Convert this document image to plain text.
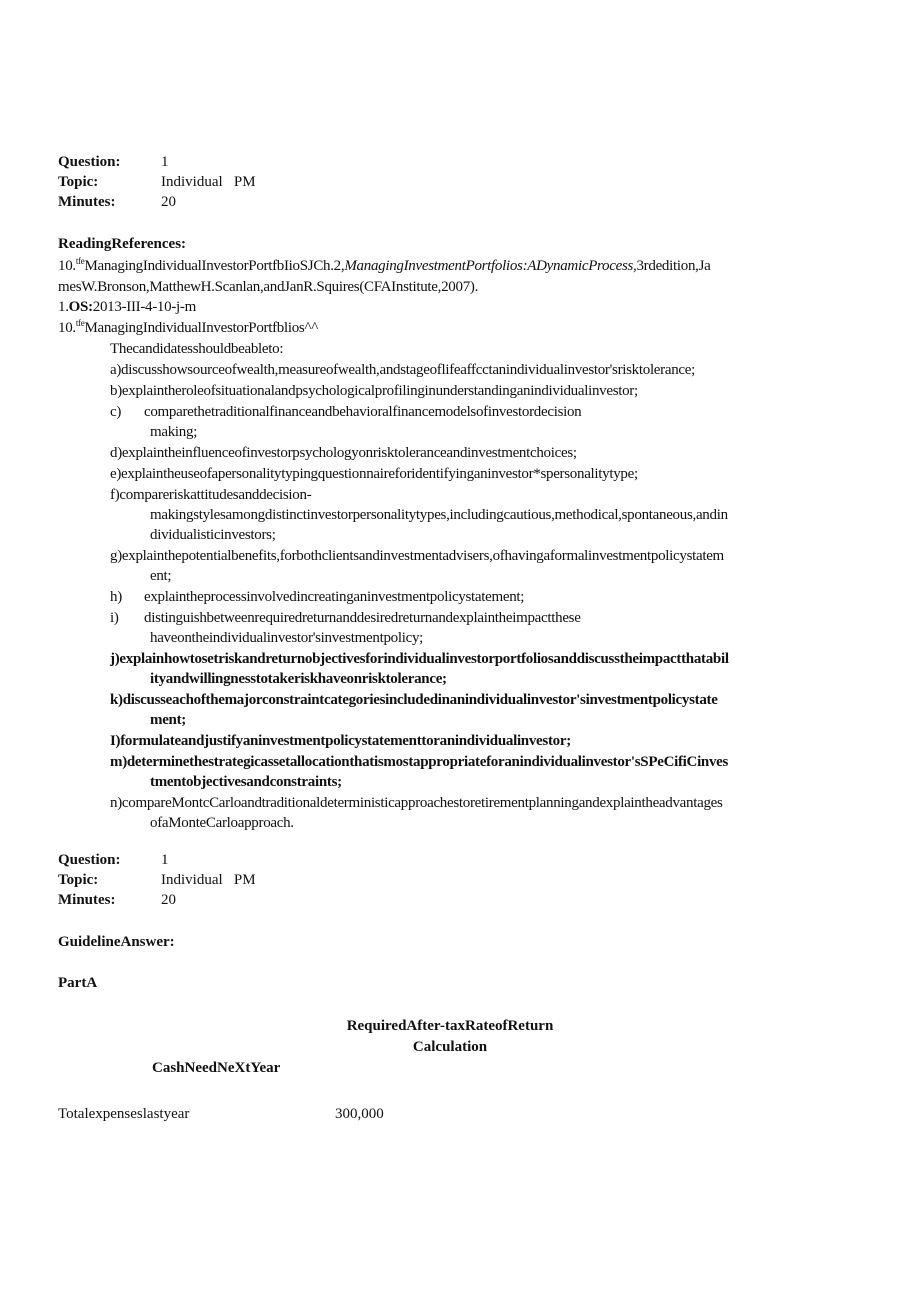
Question:	1
Topic:	Individual   PM
Minutes:	20
ReadingReferences:
10.$^{tfe}$ManagingIndividualInvestorPortfbIioSJCh.2,ManagingInvestmentPortfolios:ADynamicProcess,3rdedition,Ja
mesW.Bronson,MatthewH.Scanlan,andJanR.Squires(CFAInstitute,2007).
1.OS:2013-III-4-10-j-m
10.$^{tfe}$ManagingIndividualInvestorPortfblios^^
Thecandidatesshouldbeableto:
a)discusshowsourceofwealth,measureofwealth,andstageoflifeaffcctanindividualinvestor'srisktolerance;
b)explaintheroleofsituationalandpsychologicalprofilinginunderstandinganindividualinvestor;
c) comparethetraditionalfinanceandbehavioralfinancemodelsofinvestordecision
making;
d)explaintheinfluenceofinvestorpsychologyonrisktoleranceandinvestmentchoices;
e)explaintheuseofapersonalitytypingquestionnaireforidentifyinganinvestor*spersonalitytype;
f)compareriskattitudesanddecision-
makingstylesamongdistinctinvestorpersonalitytypes,includingcautious,methodical,spontaneous,andin
dividualisticinvestors;
g)explainthepotentialbenefits,forbothclientsandinvestmentadvisers,ofhavingaformalinvestmentpolicystatem
ent;
h) explaintheprocessinvolvedincreatinganinvestmentpolicystatement;
i) distinguishbetweenrequiredreturnanddesiredreturnandexplaintheimpactthese
haveontheindividualinvestor'sinvestmentpolicy;
j)explainhowtosetriskandreturnobjectivesforindividualinvestorportfoliosanddiscusstheimpactthatabil
ityandwillingnesstotakeriskhaveonrisktolerance;
k)discusseachofthemajorconstraintcategoriesincludedinanindividualinvestor'sinvestmentpolicystate
ment;
I)formulateandjustifyaninvestmentpolicystatementtoranindividualinvestor;
m)determinethestrategicassetallocationthatismostappropriateforanindividualinvestor'sSPeCifiCinves
tmentobjectivesandconstraints;
n)compareMontcCarloandtraditionaldeterministicapproachestoretirementplanningandexplaintheadvantages
ofaMonteCarloapproach.
Question:	1
Topic:	Individual   PM
Minutes:	20
GuidelineAnswer:
PartA
RequiredAfter-taxRateofReturn
Calculation
CashNeedNeXtYear
Totalexpenseslastyear	300,000
